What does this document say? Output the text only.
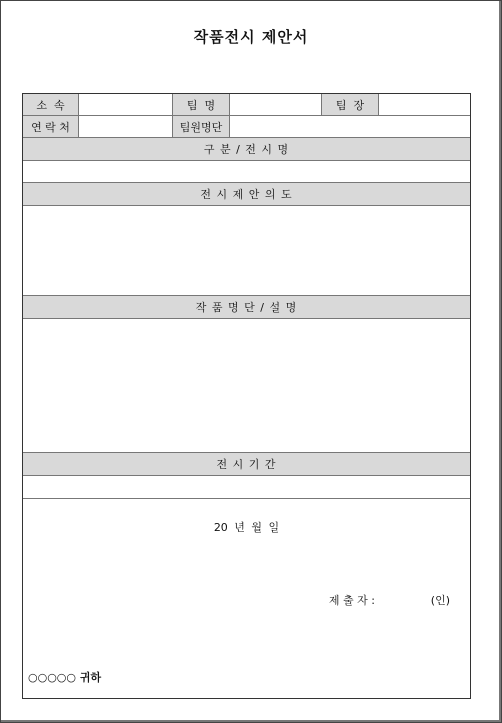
작품전시 제안서
소  속	팀  명	팀  장
연 락 처	팀원명단
구 분 / 전 시 명
전 시 제 안 의 도
작 품 명 단 / 설 명
전 시 기 간
20 년 월 일
제 출 자 :	(인)
○○○○○ 귀하
